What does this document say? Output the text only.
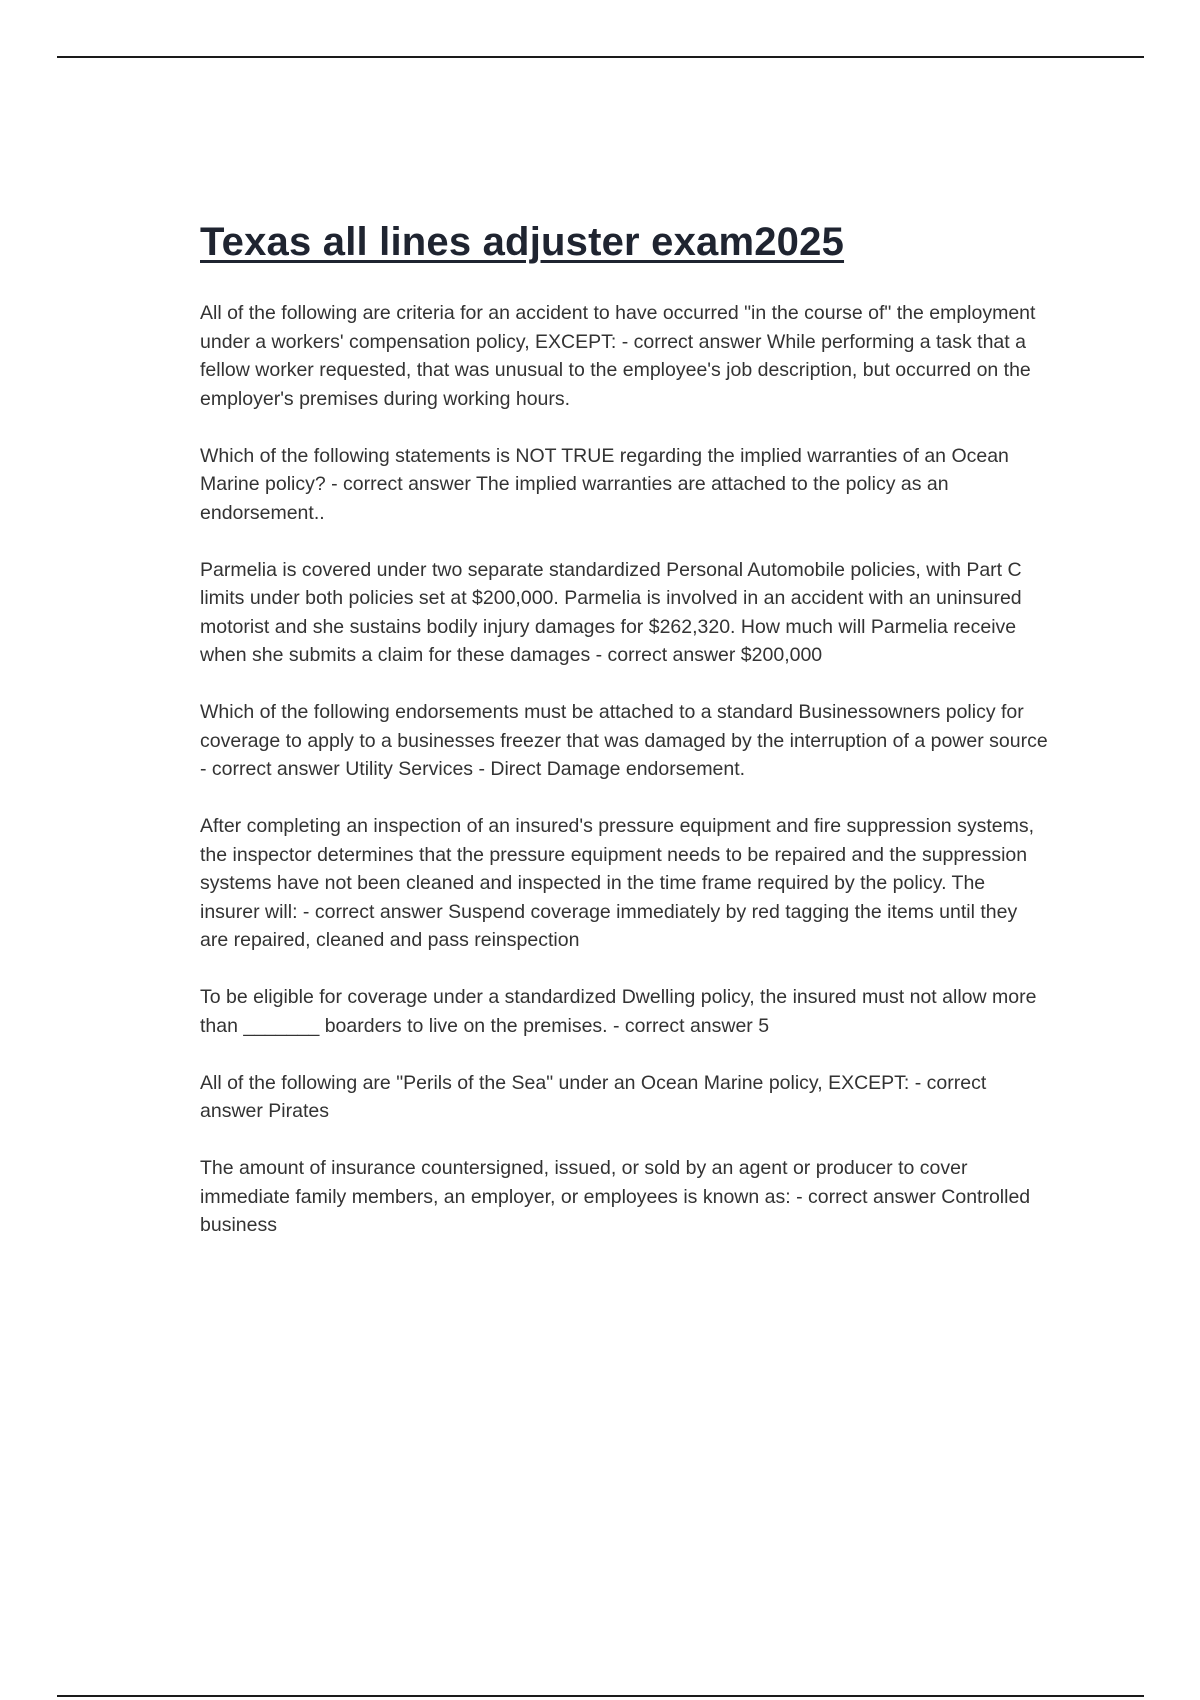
Texas all lines adjuster exam2025

All of the following are criteria for an accident to have occurred "in the course of" the employment under a workers' compensation policy, EXCEPT: - correct answer While performing a task that a fellow worker requested, that was unusual to the employee's job description, but occurred on the employer's premises during working hours.

Which of the following statements is NOT TRUE regarding the implied warranties of an Ocean Marine policy? - correct answer The implied warranties are attached to the policy as an endorsement..

Parmelia is covered under two separate standardized Personal Automobile policies, with Part C limits under both policies set at $200,000. Parmelia is involved in an accident with an uninsured motorist and she sustains bodily injury damages for $262,320. How much will Parmelia receive when she submits a claim for these damages - correct answer $200,000

Which of the following endorsements must be attached to a standard Businessowners policy for coverage to apply to a businesses freezer that was damaged by the interruption of a power source - correct answer Utility Services - Direct Damage endorsement.

After completing an inspection of an insured's pressure equipment and fire suppression systems, the inspector determines that the pressure equipment needs to be repaired and the suppression systems have not been cleaned and inspected in the time frame required by the policy. The insurer will: - correct answer Suspend coverage immediately by red tagging the items until they are repaired, cleaned and pass reinspection

To be eligible for coverage under a standardized Dwelling policy, the insured must not allow more than _______ boarders to live on the premises. - correct answer 5

All of the following are "Perils of the Sea" under an Ocean Marine policy, EXCEPT: - correct answer Pirates

The amount of insurance countersigned, issued, or sold by an agent or producer to cover immediate family members, an employer, or employees is known as: - correct answer Controlled business
